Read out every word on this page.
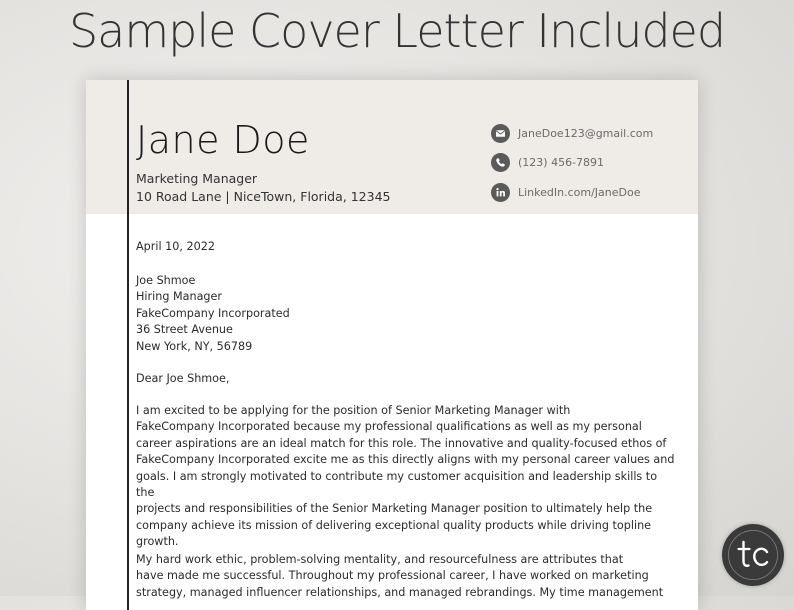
Sample Cover Letter Included
Jane Doe
Marketing Manager
10 Road Lane | NiceTown, Florida, 12345
JaneDoe123@gmail.com
(123) 456-7891
LinkedIn.com/JaneDoe
April 10, 2022
Joe Shmoe
Hiring Manager
FakeCompany Incorporated
36 Street Avenue
New York, NY, 56789
Dear Joe Shmoe,
I am excited to be applying for the position of Senior Marketing Manager with
FakeCompany Incorporated because my professional qualifications as well as my personal
career aspirations are an ideal match for this role. The innovative and quality-focused ethos of
FakeCompany Incorporated excite me as this directly aligns with my personal career values and
goals. I am strongly motivated to contribute my customer acquisition and leadership skills to the
projects and responsibilities of the Senior Marketing Manager position to ultimately help the
company achieve its mission of delivering exceptional quality products while driving topline
growth.
My hard work ethic, problem-solving mentality, and resourcefulness are attributes that
have made me successful. Throughout my professional career, I have worked on marketing
strategy, managed influencer relationships, and managed rebrandings. My time management
